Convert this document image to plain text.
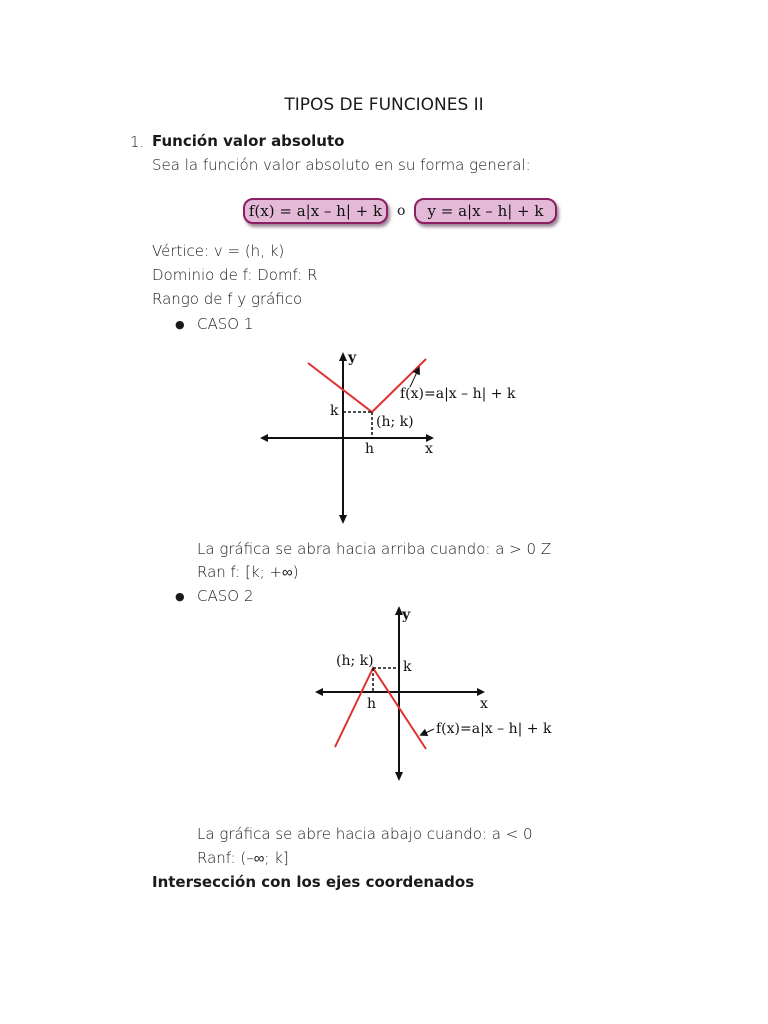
TIPOS DE FUNCIONES II
1. Función valor absoluto
Sea la función valor absoluto en su forma general:
f(x) = a|x – h| + k o y = a|x – h| + k
Vértice: v = (h, k)
Dominio de f: Domf: R
Rango de f y gráfico
● CASO 1
y
x
k
h
(h; k)
f(x)=a|x – h| + k
La gráfica se abra hacia arriba cuando: a > 0 Z
Ran f: [k; +∞)
● CASO 2
y
x
k
h
(h; k)
f(x)=a|x – h| + k
La gráfica se abre hacia abajo cuando: a < 0
Ranf: (–∞; k]
Intersección con los ejes coordenados
